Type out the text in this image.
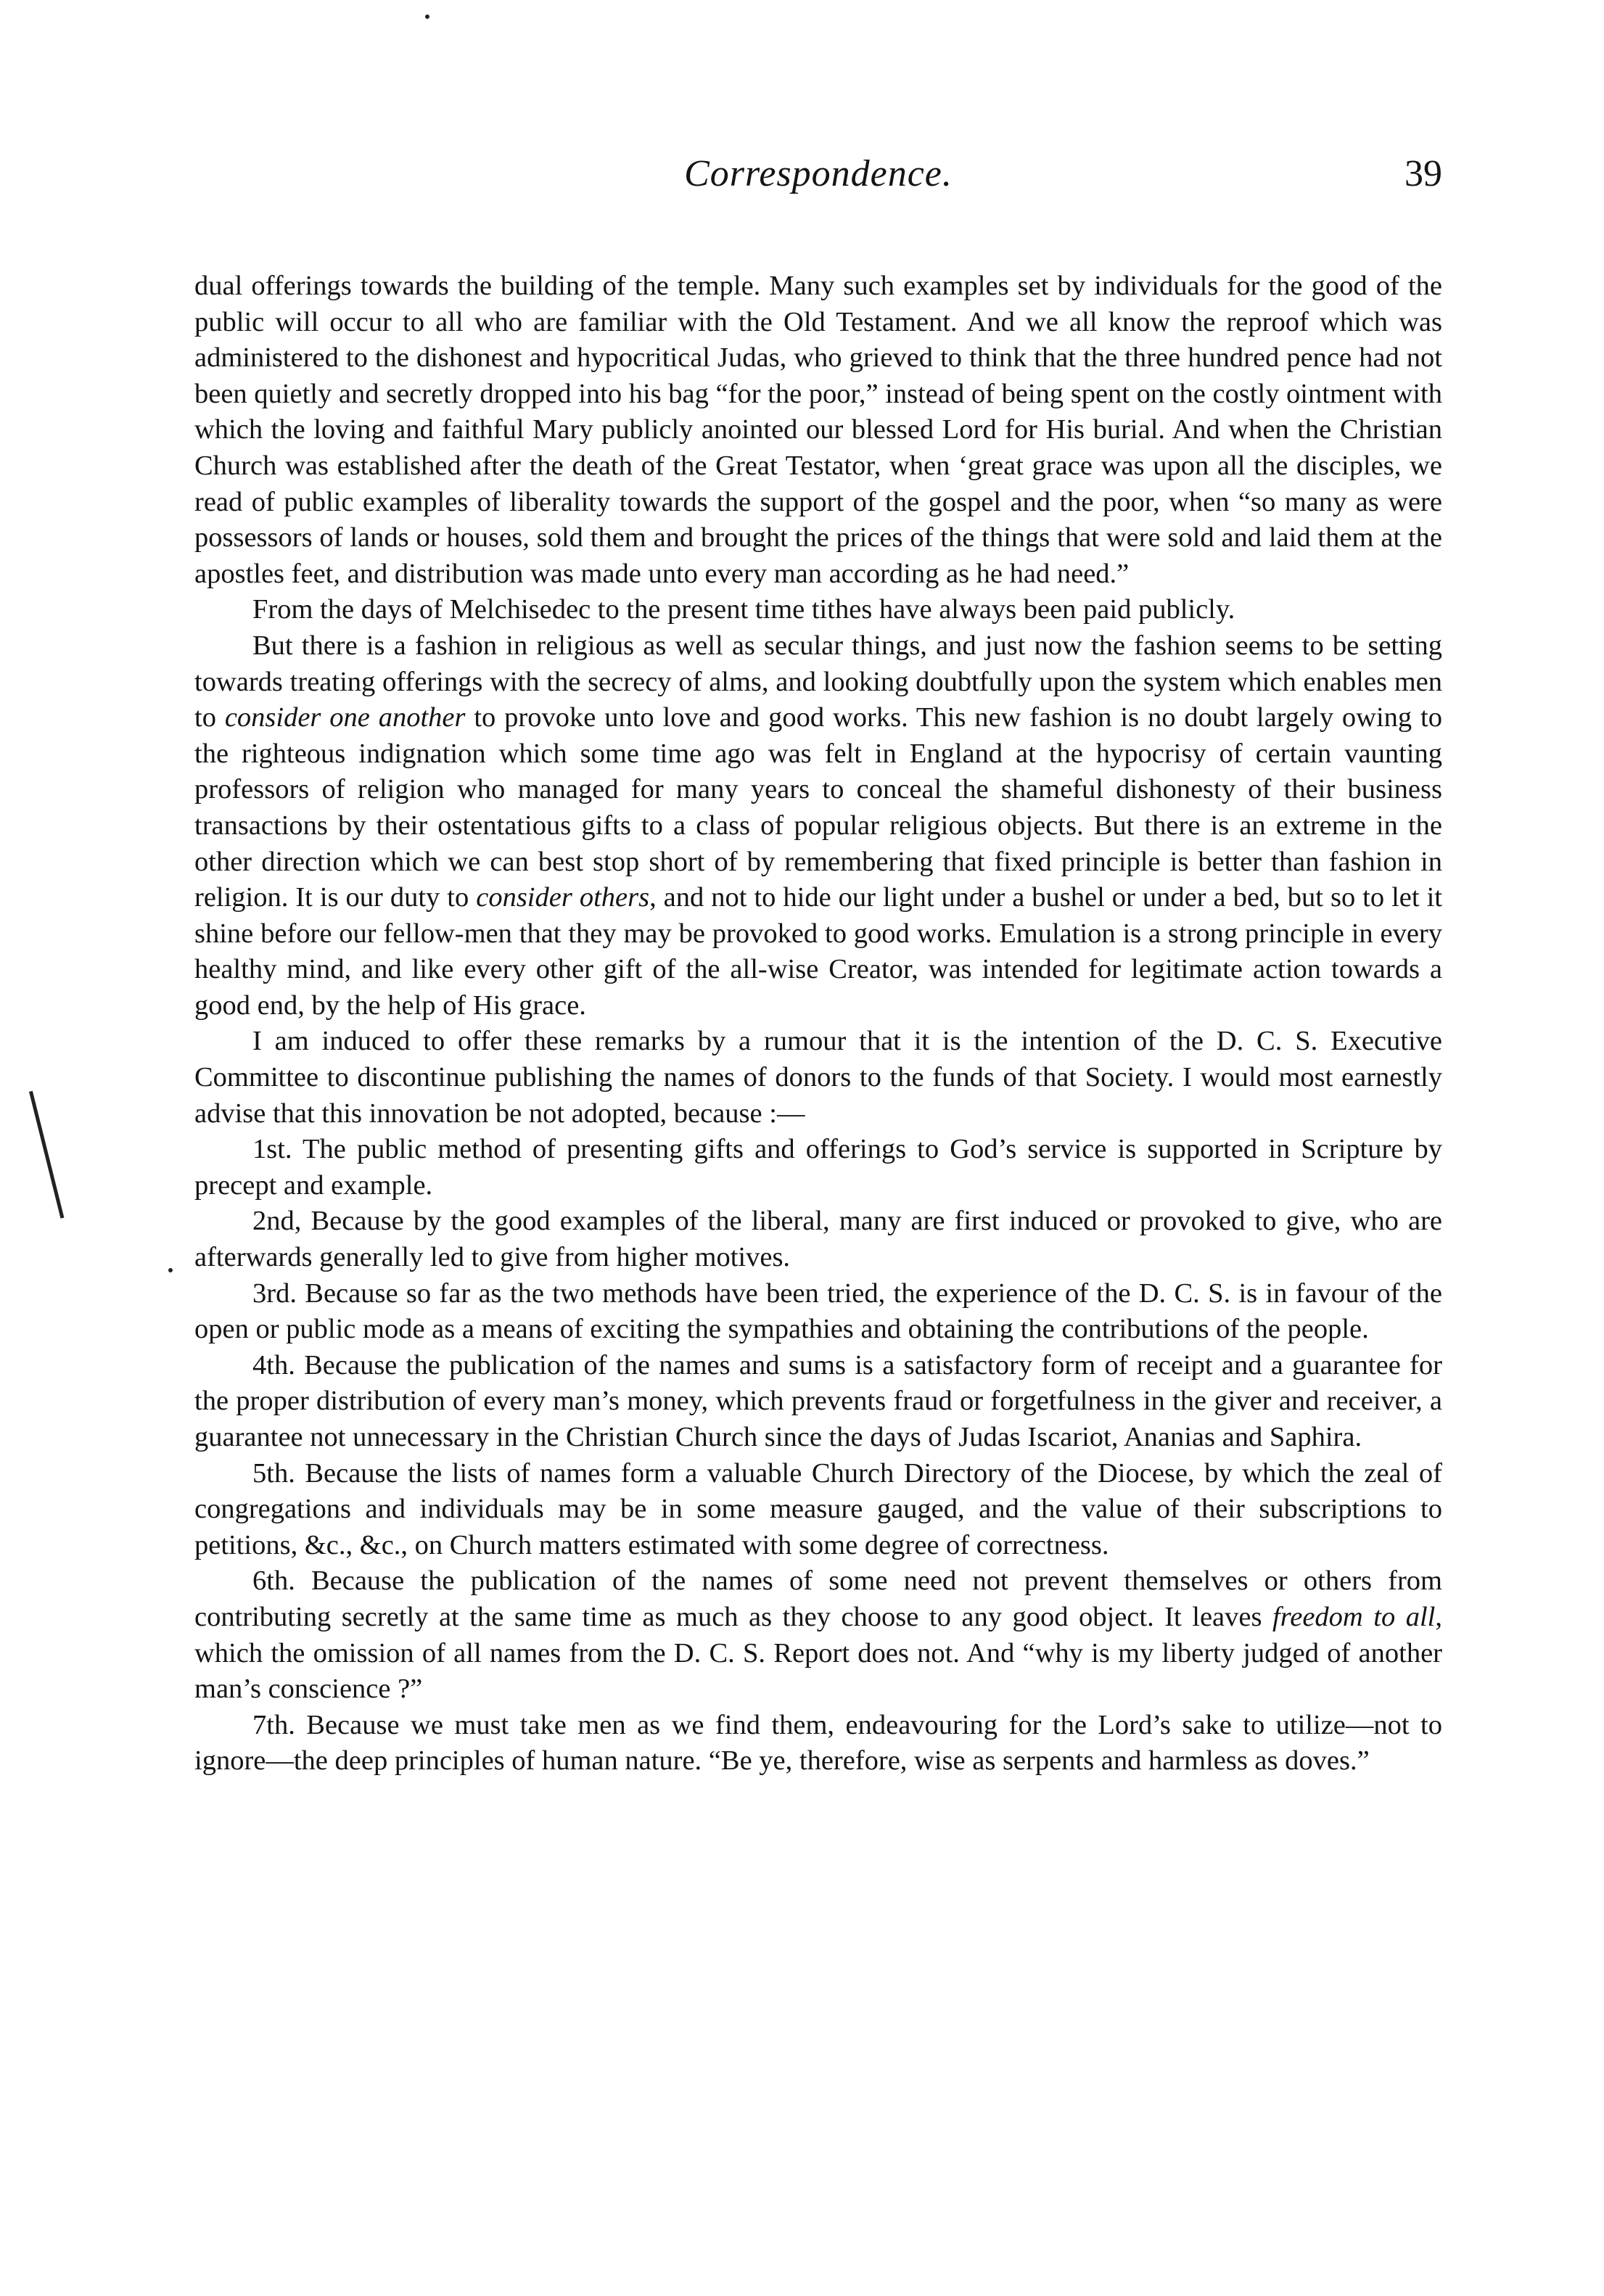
Correspondence.	39

dual offerings towards the building of the temple. Many such examples set by individuals for the good of the public will occur to all who are familiar with the Old Testament. And we all know the reproof which was administered to the dishonest and hypocritical Judas, who grieved to think that the three hundred pence had not been quietly and secretly dropped into his bag “for the poor,” instead of being spent on the costly ointment with which the loving and faithful Mary publicly anointed our blessed Lord for His burial. And when the Christian Church was established after the death of the Great Testator, when ‘great grace was upon all the disciples, we read of public examples of liberality towards the support of the gospel and the poor, when “so many as were possessors of lands or houses, sold them and brought the prices of the things that were sold and laid them at the apostles feet, and distribution was made unto every man according as he had need.”

From the days of Melchisedec to the present time tithes have always been paid publicly.

But there is a fashion in religious as well as secular things, and just now the fashion seems to be setting towards treating offerings with the secrecy of alms, and looking doubtfully upon the system which enables men to consider one another to provoke unto love and good works. This new fashion is no doubt largely owing to the righteous indignation which some time ago was felt in England at the hypocrisy of certain vaunting professors of religion who managed for many years to conceal the shameful dishonesty of their business transactions by their ostentatious gifts to a class of popular religious objects. But there is an extreme in the other direction which we can best stop short of by remembering that fixed principle is better than fashion in religion. It is our duty to consider others, and not to hide our light under a bushel or under a bed, but so to let it shine before our fellow-men that they may be provoked to good works. Emulation is a strong principle in every healthy mind, and like every other gift of the all-wise Creator, was intended for legitimate action towards a good end, by the help of His grace.

I am induced to offer these remarks by a rumour that it is the intention of the D. C. S. Executive Committee to discontinue publishing the names of donors to the funds of that Society. I would most earnestly advise that this innovation be not adopted, because :—

1st. The public method of presenting gifts and offerings to God’s service is supported in Scripture by precept and example.

2nd, Because by the good examples of the liberal, many are first induced or provoked to give, who are afterwards generally led to give from higher motives.

3rd. Because so far as the two methods have been tried, the experience of the D. C. S. is in favour of the open or public mode as a means of exciting the sympathies and obtaining the contributions of the people.

4th. Because the publication of the names and sums is a satisfactory form of receipt and a guarantee for the proper distribution of every man’s money, which prevents fraud or forgetfulness in the giver and receiver, a guarantee not unnecessary in the Christian Church since the days of Judas Iscariot, Ananias and Saphira.

5th. Because the lists of names form a valuable Church Directory of the Diocese, by which the zeal of congregations and individuals may be in some measure gauged, and the value of their subscriptions to petitions, &c., &c., on Church matters estimated with some degree of correctness.

6th. Because the publication of the names of some need not prevent themselves or others from contributing secretly at the same time as much as they choose to any good object. It leaves freedom to all, which the omission of all names from the D. C. S. Report does not. And “why is my liberty judged of another man’s conscience ?”

7th. Because we must take men as we find them, endeavouring for the Lord’s sake to utilize—not to ignore—the deep principles of human nature. “Be ye, therefore, wise as serpents and harmless as doves.”
